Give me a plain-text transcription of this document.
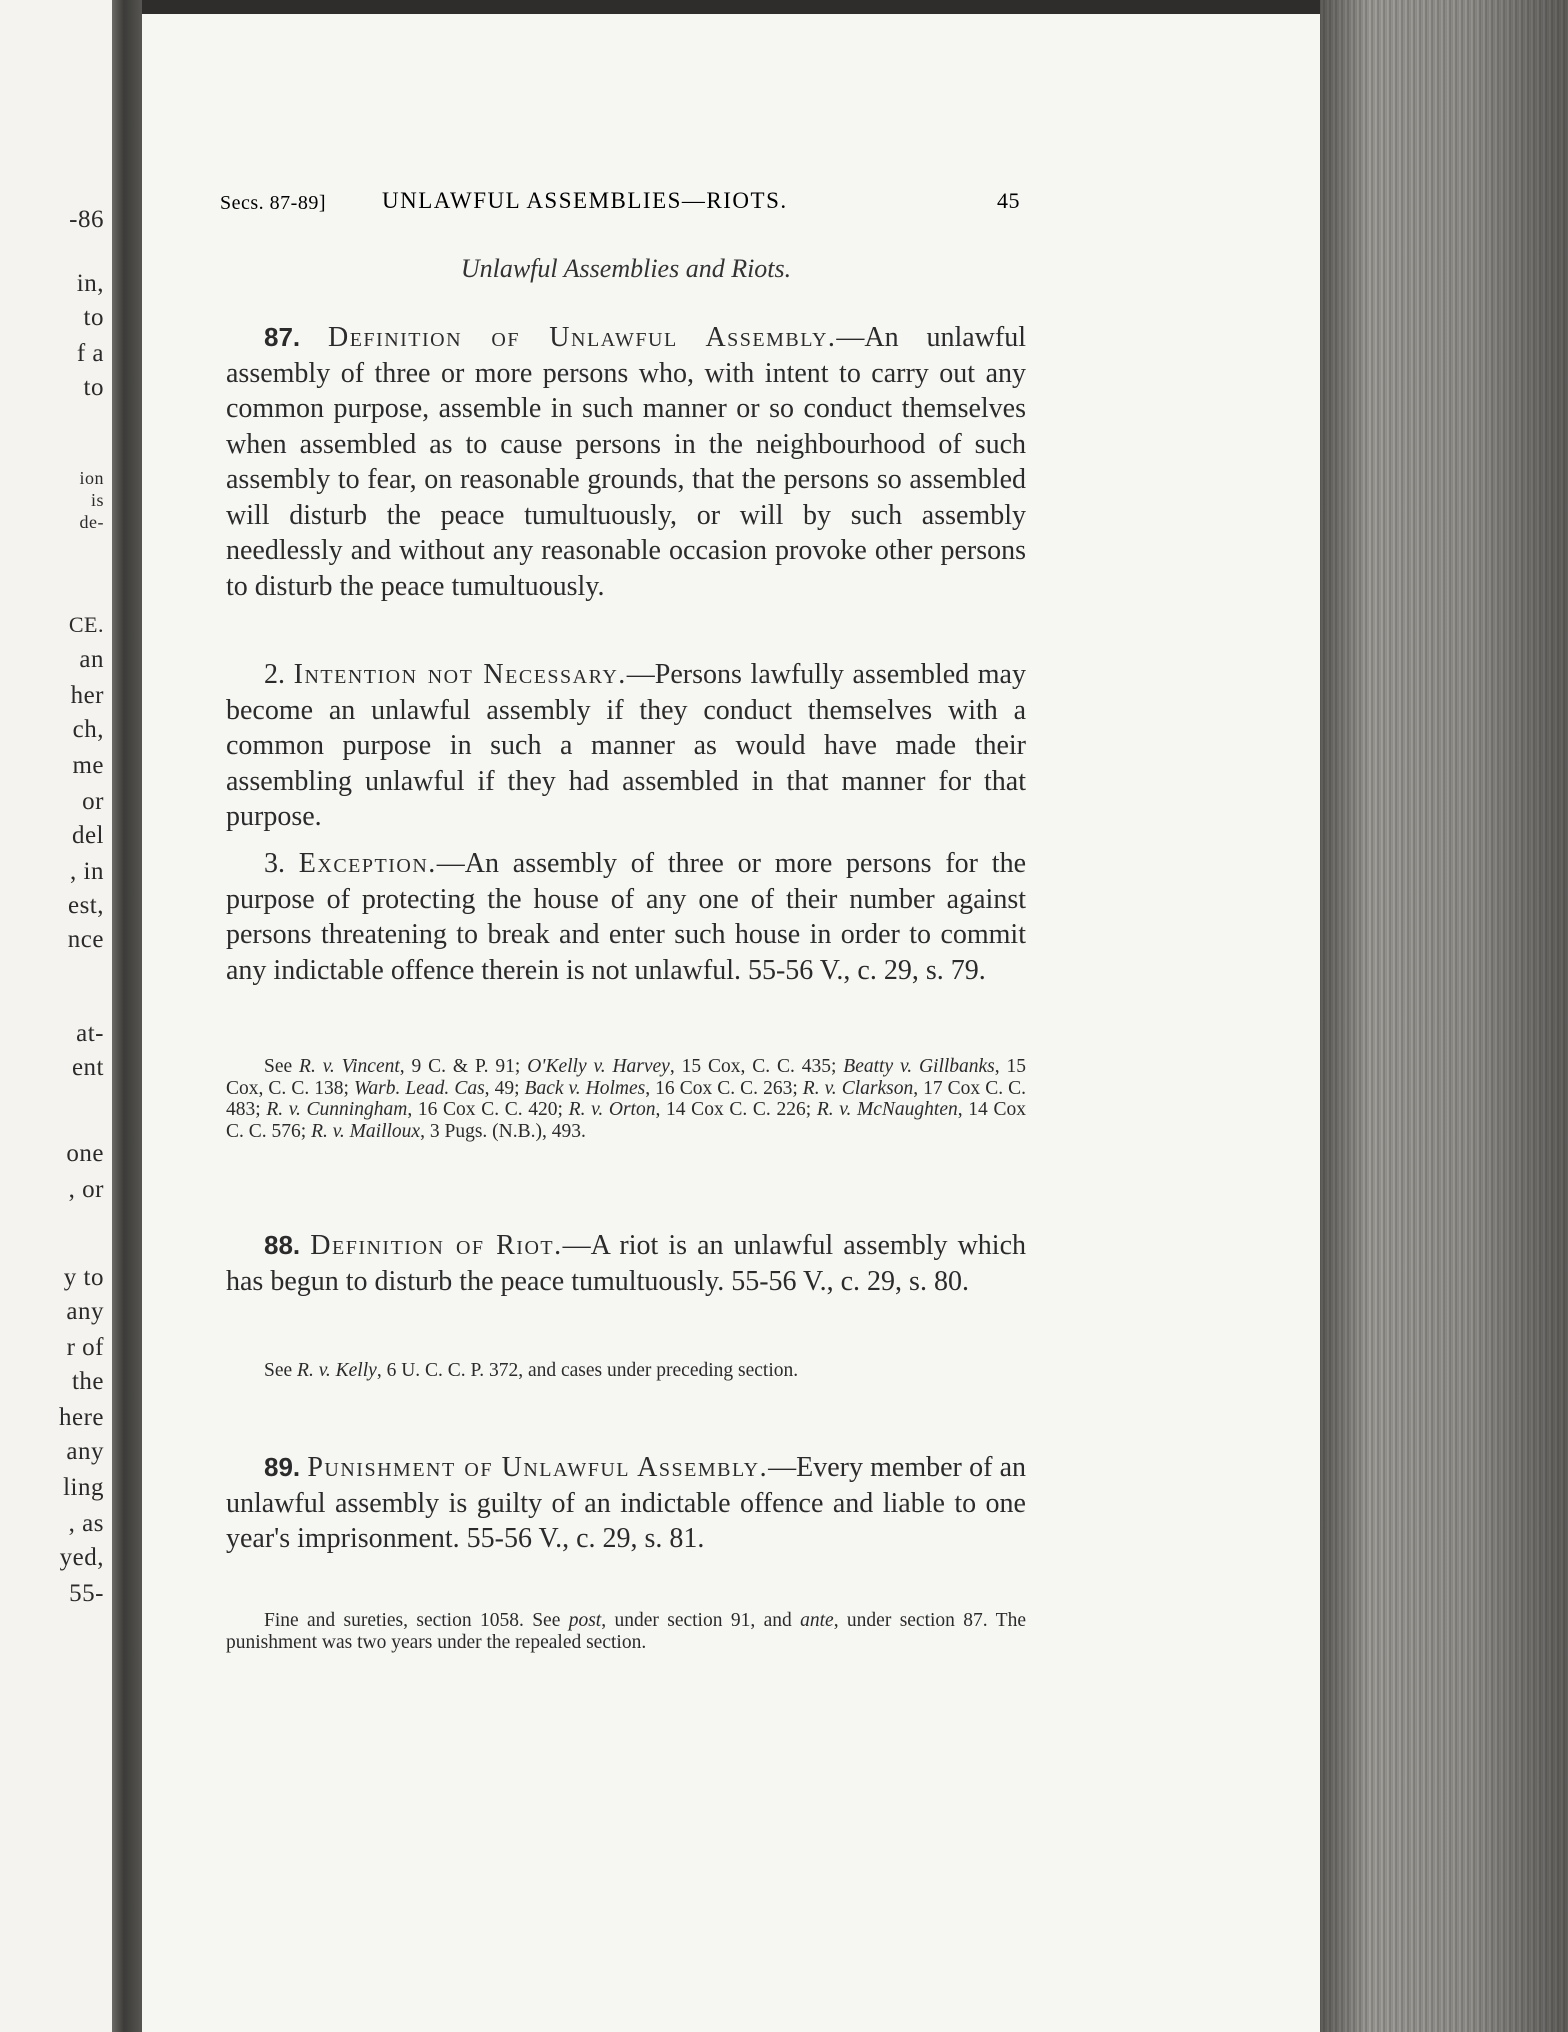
-86

in,

to

f a

to

ion

is

de-

CE.

an

her

ch,

me

or

del

, in

est,

nce

at-

ent

one

, or

y to

any

r of

the

here

any

ling

, as

yed,

55-

Secs. 87-89] UNLAWFUL ASSEMBLIES—RIOTS.	45
Unlawful Assemblies and Riots.

87. Definition of Unlawful Assembly.—An unlawful assembly of three or more persons who, with intent to carry out any common purpose, assemble in such manner or so conduct themselves when assembled as to cause persons in the neighbourhood of such assembly to fear, on reasonable grounds, that the persons so assembled will disturb the peace tumultuously, or will by such assembly needlessly and without any reasonable occasion provoke other persons to disturb the peace tumultuously.

2. Intention not Necessary.—Persons lawfully assembled may become an unlawful assembly if they conduct themselves with a common purpose in such a manner as would have made their assembling unlawful if they had assembled in that manner for that purpose.

3. Exception.—An assembly of three or more persons for the purpose of protecting the house of any one of their number against persons threatening to break and enter such house in order to commit any indictable offence therein is not unlawful. 55-56 V., c. 29, s. 79.

See R. v. Vincent, 9 C. & P. 91; O'Kelly v. Harvey, 15 Cox, C. C. 435; Beatty v. Gillbanks, 15 Cox, C. C. 138; Warb. Lead. Cas, 49; Back v. Holmes, 16 Cox C. C. 263; R. v. Clarkson, 17 Cox C. C. 483; R. v. Cunningham, 16 Cox C. C. 420; R. v. Orton, 14 Cox C. C. 226; R. v. McNaughten, 14 Cox C. C. 576; R. v. Mailloux, 3 Pugs. (N.B.), 493.

88. Definition of Riot.—A riot is an unlawful assembly which has begun to disturb the peace tumultuously. 55-56 V., c. 29, s. 80.

See R. v. Kelly, 6 U. C. C. P. 372, and cases under preceding section.

89. Punishment of Unlawful Assembly.—Every member of an unlawful assembly is guilty of an indictable offence and liable to one year's imprisonment. 55-56 V., c. 29, s. 81.

Fine and sureties, section 1058. See post, under section 91, and ante, under section 87. The punishment was two years under the repealed section.
